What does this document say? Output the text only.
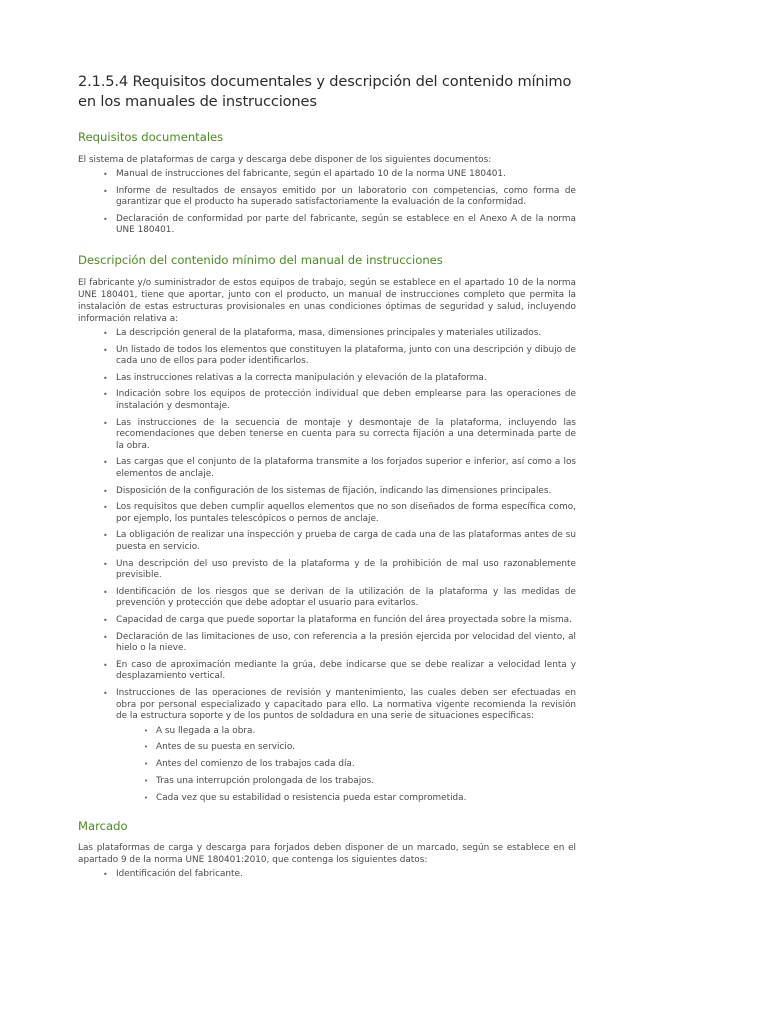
2.1.5.4 Requisitos documentales y descripción del contenido mínimo en los manuales de instrucciones
Requisitos documentales

El sistema de plataformas de carga y descarga debe disponer de los siguientes documentos:

• Manual de instrucciones del fabricante, según el apartado 10 de la norma UNE 180401.
• Informe de resultados de ensayos emitido por un laboratorio con competencias, como forma de garantizar que el producto ha superado satisfactoriamente la evaluación de la conformidad.
• Declaración de conformidad por parte del fabricante, según se establece en el Anexo A de la norma UNE 180401.
Descripción del contenido mínimo del manual de instrucciones

El fabricante y/o suministrador de estos equipos de trabajo, según se establece en el apartado 10 de la norma UNE 180401, tiene que aportar, junto con el producto, un manual de instrucciones completo que permita la instalación de estas estructuras provisionales en unas condiciones óptimas de seguridad y salud, incluyendo información relativa a:

• La descripción general de la plataforma, masa, dimensiones principales y materiales utilizados.
• Un listado de todos los elementos que constituyen la plataforma, junto con una descripción y dibujo de cada uno de ellos para poder identificarlos.
• Las instrucciones relativas a la correcta manipulación y elevación de la plataforma.
• Indicación sobre los equipos de protección individual que deben emplearse para las operaciones de instalación y desmontaje.
• Las instrucciones de la secuencia de montaje y desmontaje de la plataforma, incluyendo las recomendaciones que deben tenerse en cuenta para su correcta fijación a una determinada parte de la obra.
• Las cargas que el conjunto de la plataforma transmite a los forjados superior e inferior, así como a los elementos de anclaje.
• Disposición de la configuración de los sistemas de fijación, indicando las dimensiones principales.
• Los requisitos que deben cumplir aquellos elementos que no son diseñados de forma específica como, por ejemplo, los puntales telescópicos o pernos de anclaje.
• La obligación de realizar una inspección y prueba de carga de cada una de las plataformas antes de su puesta en servicio.
• Una descripción del uso previsto de la plataforma y de la prohibición de mal uso razonablemente previsible.
• Identificación de los riesgos que se derivan de la utilización de la plataforma y las medidas de prevención y protección que debe adoptar el usuario para evitarlos.
• Capacidad de carga que puede soportar la plataforma en función del área proyectada sobre la misma.
• Declaración de las limitaciones de uso, con referencia a la presión ejercida por velocidad del viento, al hielo o la nieve.
• En caso de aproximación mediante la grúa, debe indicarse que se debe realizar a velocidad lenta y desplazamiento vertical.
• Instrucciones de las operaciones de revisión y mantenimiento, las cuales deben ser efectuadas en obra por personal especializado y capacitado para ello. La normativa vigente recomienda la revisión de la estructura soporte y de los puntos de soldadura en una serie de situaciones específicas:
• A su llegada a la obra.
• Antes de su puesta en servicio.
• Antes del comienzo de los trabajos cada día.
• Tras una interrupción prolongada de los trabajos.
• Cada vez que su estabilidad o resistencia pueda estar comprometida.
Marcado

Las plataformas de carga y descarga para forjados deben disponer de un marcado, según se establece en el apartado 9 de la norma UNE 180401:2010, que contenga los siguientes datos:

• Identificación del fabricante.
